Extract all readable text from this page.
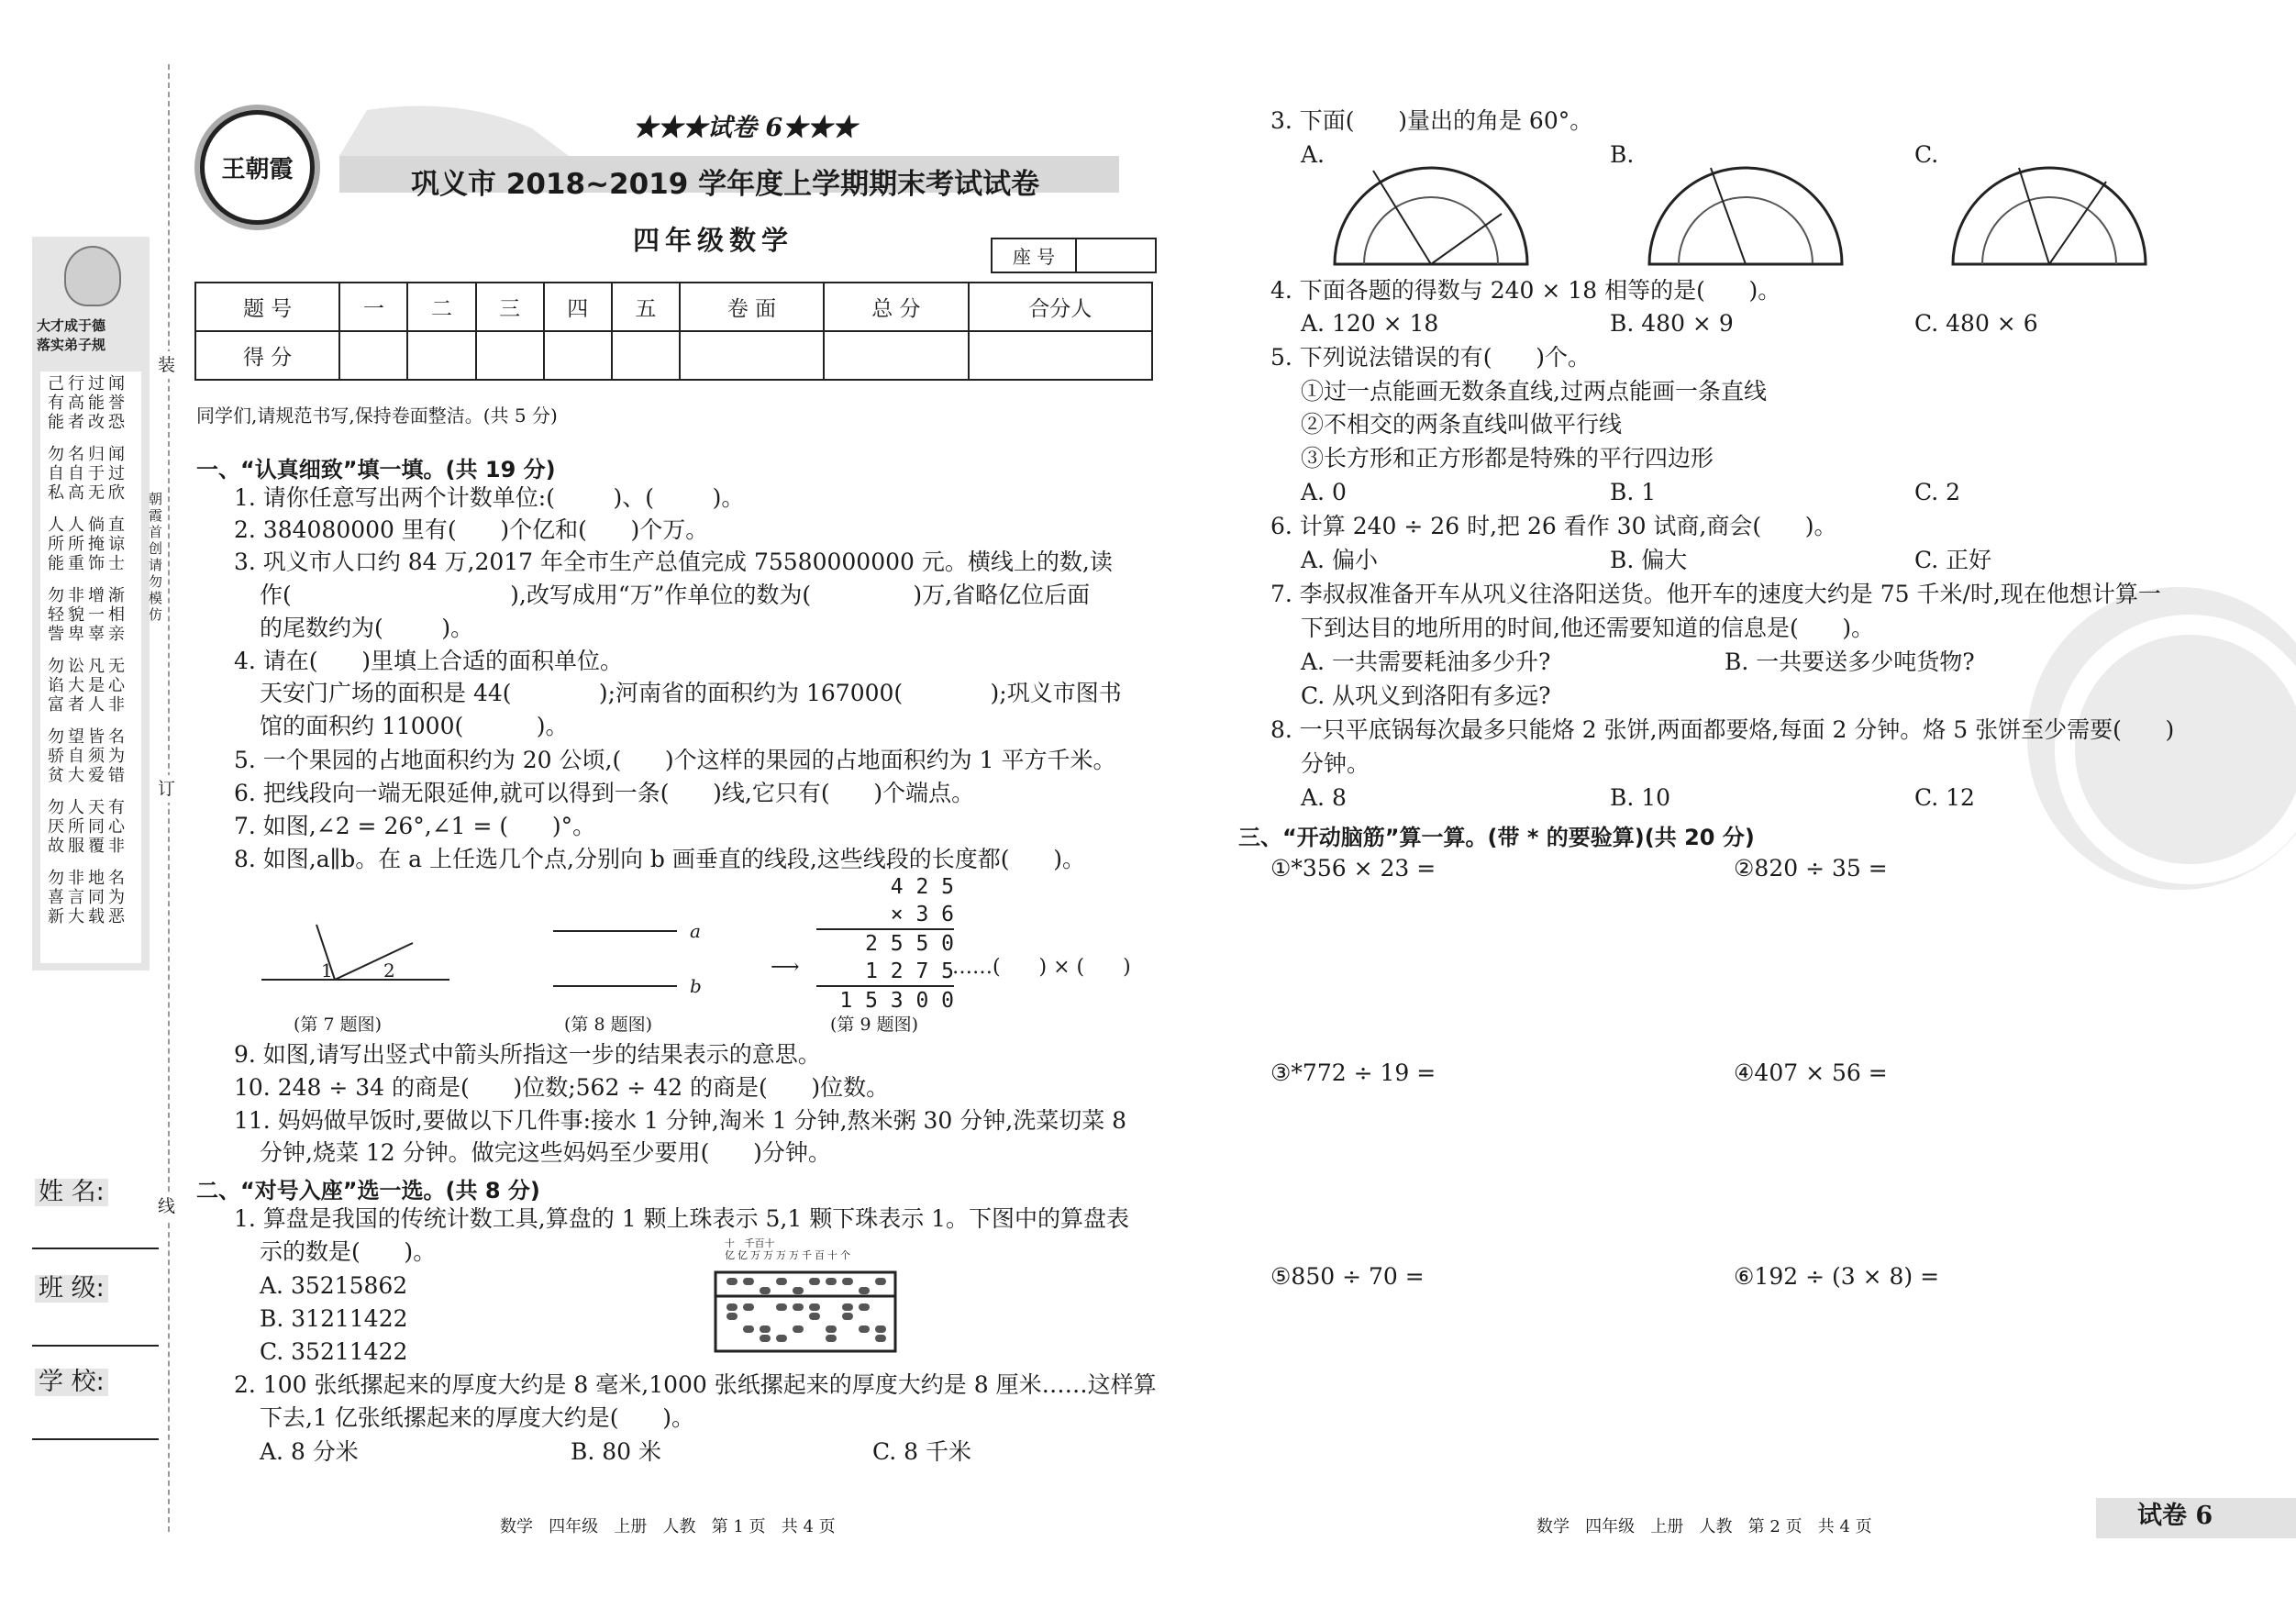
王朝霞
★★★试卷 6★★★
巩义市 2018~2019 学年度上学期期末考试试卷
四年级数学
座 号
题 号	一	二	三	四	五	卷 面	总 分	合分人
得 分								
大才成于德
落实弟子规
己行过闻
有高能誉
能者改恐
勿名归闻
自自于过
私高无欣
人人倘直
所所掩谅
能重饰士
勿非增渐
轻貌一相
訾卑辜亲
勿讼凡无
谄大是心
富者人非
勿望皆名
骄自须为
贫大爱错
勿人天有
厌所同心
故服覆非
勿非地名
喜言同为
新大载恶
装
订
线
朝霞首创 请勿模仿
姓 名:
班 级:
学 校:
同学们,请规范书写,保持卷面整洁。(共 5 分)
一、“认真细致”填一填。(共 19 分)
1. 请你任意写出两个计数单位:(        )、(        )。
2. 384080000 里有(      )个亿和(      )个万。
3. 巩义市人口约 84 万,2017 年全市生产总值完成 75580000000 元。横线上的数,读
作(                              ),改写成用“万”作单位的数为(              )万,省略亿位后面
的尾数约为(        )。
4. 请在(      )里填上合适的面积单位。
天安门广场的面积是 44(            );河南省的面积约为 167000(            );巩义市图书
馆的面积约 11000(          )。
5. 一个果园的占地面积约为 20 公顷,(      )个这样的果园的占地面积约为 1 平方千米。
6. 把线段向一端无限延伸,就可以得到一条(      )线,它只有(      )个端点。
7. 如图,∠2 = 26°,∠1 = (      )°。
8. 如图,a∥b。在 a 上任选几个点,分别向 b 画垂直的线段,这些线段的长度都(      )。
1	2
(第 7 题图)
a
b
(第 8 题图)
4 2 5
× 3 6
2 5 5 0
1 2 7 5
1 5 3 0 0
⟶	……(      ) × (      )
(第 9 题图)
9. 如图,请写出竖式中箭头所指这一步的结果表示的意思。
10. 248 ÷ 34 的商是(      )位数;562 ÷ 42 的商是(      )位数。
11. 妈妈做早饭时,要做以下几件事:接水 1 分钟,淘米 1 分钟,熬米粥 30 分钟,洗菜切菜 8
分钟,烧菜 12 分钟。做完这些妈妈至少要用(      )分钟。
二、“对号入座”选一选。(共 8 分)
1. 算盘是我国的传统计数工具,算盘的 1 颗上珠表示 5,1 颗下珠表示 1。下图中的算盘表
示的数是(      )。
A. 35215862
B. 31211422
C. 35211422
十   千百十
亿亿万万万万千百十个
2. 100 张纸摞起来的厚度大约是 8 毫米,1000 张纸摞起来的厚度大约是 8 厘米……这样算
下去,1 亿张纸摞起来的厚度大约是(      )。
A. 8 分米	B. 80 米	C. 8 千米
数学   四年级   上册   人教   第 1 页   共 4 页
3. 下面(      )量出的角是 60°。
A.	B.	C.
4. 下面各题的得数与 240 × 18 相等的是(      )。
A. 120 × 18	B. 480 × 9	C. 480 × 6
5. 下列说法错误的有(      )个。
①过一点能画无数条直线,过两点能画一条直线
②不相交的两条直线叫做平行线
③长方形和正方形都是特殊的平行四边形
A. 0	B. 1	C. 2
6. 计算 240 ÷ 26 时,把 26 看作 30 试商,商会(      )。
A. 偏小	B. 偏大	C. 正好
7. 李叔叔准备开车从巩义往洛阳送货。他开车的速度大约是 75 千米/时,现在他想计算一
下到达目的地所用的时间,他还需要知道的信息是(      )。
A. 一共需要耗油多少升?	B. 一共要送多少吨货物?
C. 从巩义到洛阳有多远?
8. 一只平底锅每次最多只能烙 2 张饼,两面都要烙,每面 2 分钟。烙 5 张饼至少需要(      )
分钟。
A. 8	B. 10	C. 12
三、“开动脑筋”算一算。(带 * 的要验算)(共 20 分)
①*356 × 23 =	②820 ÷ 35 =
③*772 ÷ 19 =	④407 × 56 =
⑤850 ÷ 70 =	⑥192 ÷ (3 × 8) =
数学   四年级   上册   人教   第 2 页   共 4 页	试卷 6
